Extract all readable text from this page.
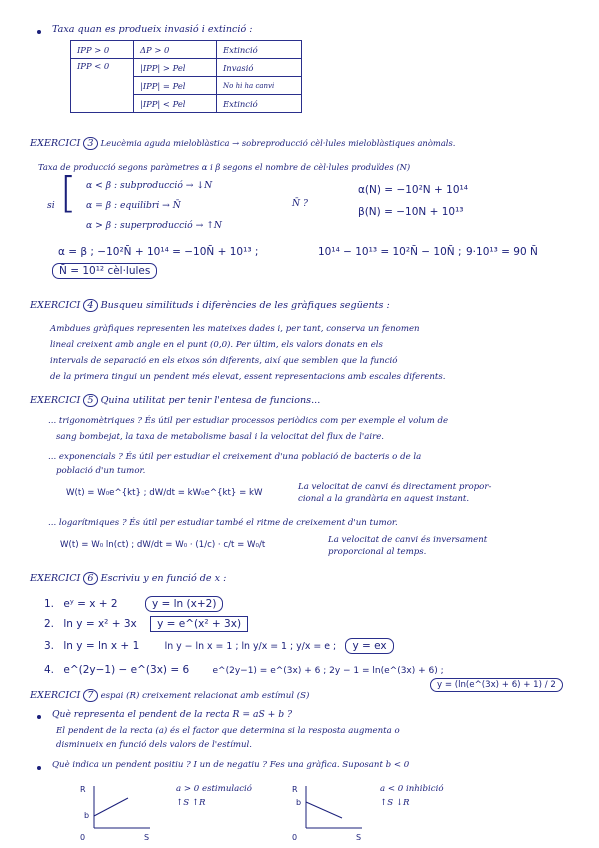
Taxa quan es produeix invasió i extinció :
IPP > 0	ΔP > 0	Extinció
IPP < 0	|IPP| > Pel	Invasió
	|IPP| = Pel	No hi ha canvi
	|IPP| < Pel	Extinció
EXERCICI 3 Leucèmia aguda mieloblàstica → sobreproducció cèl·lules mieloblàstiques anòmals.
Taxa de producció segons paràmetres α i β segons el nombre de cèl·lules produïdes (N)
si [ α < β : subproducció → ↓N
α = β : equilibri → N̄
α > β : superproducció → ↑N
N̄ ?
α(N) = −10²N + 10¹⁴
β(N) = −10N + 10¹³
α = β ; −10²N̄ + 10¹⁴ = −10N̄ + 10¹³ ;	10¹⁴ − 10¹³ = 10²N̄ − 10N̄ ; 9·10¹³ = 90 N̄
N̄ = 10¹² cèl·lules
EXERCICI 4 Busqueu similituds i diferències de les gràfiques següents :
Ambdues gràfiques representen les mateixes dades i, per tant, conserva un fenomen
lineal creixent amb angle en el punt (0,0). Per últim, els valors donats en els
intervals de separació en els eixos són diferents, així que semblen que la funció
de la primera tingui un pendent més elevat, essent representacions amb escales diferents.
EXERCICI 5 Quina utilitat per tenir l'entesa de funcions...
... trigonomètriques ? És útil per estudiar processos periòdics com per exemple el volum de
sang bombejat, la taxa de metabolisme basal i la velocitat del flux de l'aire.
... exponencials ? És útil per estudiar el creixement d'una població de bacteris o de la
població d'un tumor.
W(t) = W₀e^{kt} ; dW/dt = kW₀e^{kt} = kW
La velocitat de canvi és directament propor-
cional a la grandària en aquest instant.
... logarítmiques ? És útil per estudiar també el ritme de creixement d'un tumor.
W(t) = W₀ ln(ct) ; dW/dt = W₀ · (1/c) · c/t = W₀/t	La velocitat de canvi és inversament
proporcional al temps.
EXERCICI 6 Escriviu y en funció de x :
1. eʸ = x + 2	y = ln (x+2)
2. ln y = x² + 3x y = e^(x² + 3x)
3. ln y = ln x + 1	ln y − ln x = 1 ; ln y/x = 1 ; y/x = e ; y = ex
4. e^(2y−1) − e^(3x) = 6	e^(2y−1) = e^(3x) + 6 ; 2y − 1 = ln(e^(3x) + 6) ;
y = (ln(e^(3x) + 6) + 1) / 2
EXERCICI 7 espai (R) creixement relacionat amb estímul (S)
Què representa el pendent de la recta R = aS + b ?
El pendent de la recta (a) és el factor que determina si la resposta augmenta o
disminueix en funció dels valors de l'estímul.
Què indica un pendent positiu ? I un de negatiu ? Fes una gràfica. Suposant b < 0
a > 0 estimulació
↑S ↑R
a < 0 inhibició
↑S ↓R
R
b
0	S
R
b
0	S
